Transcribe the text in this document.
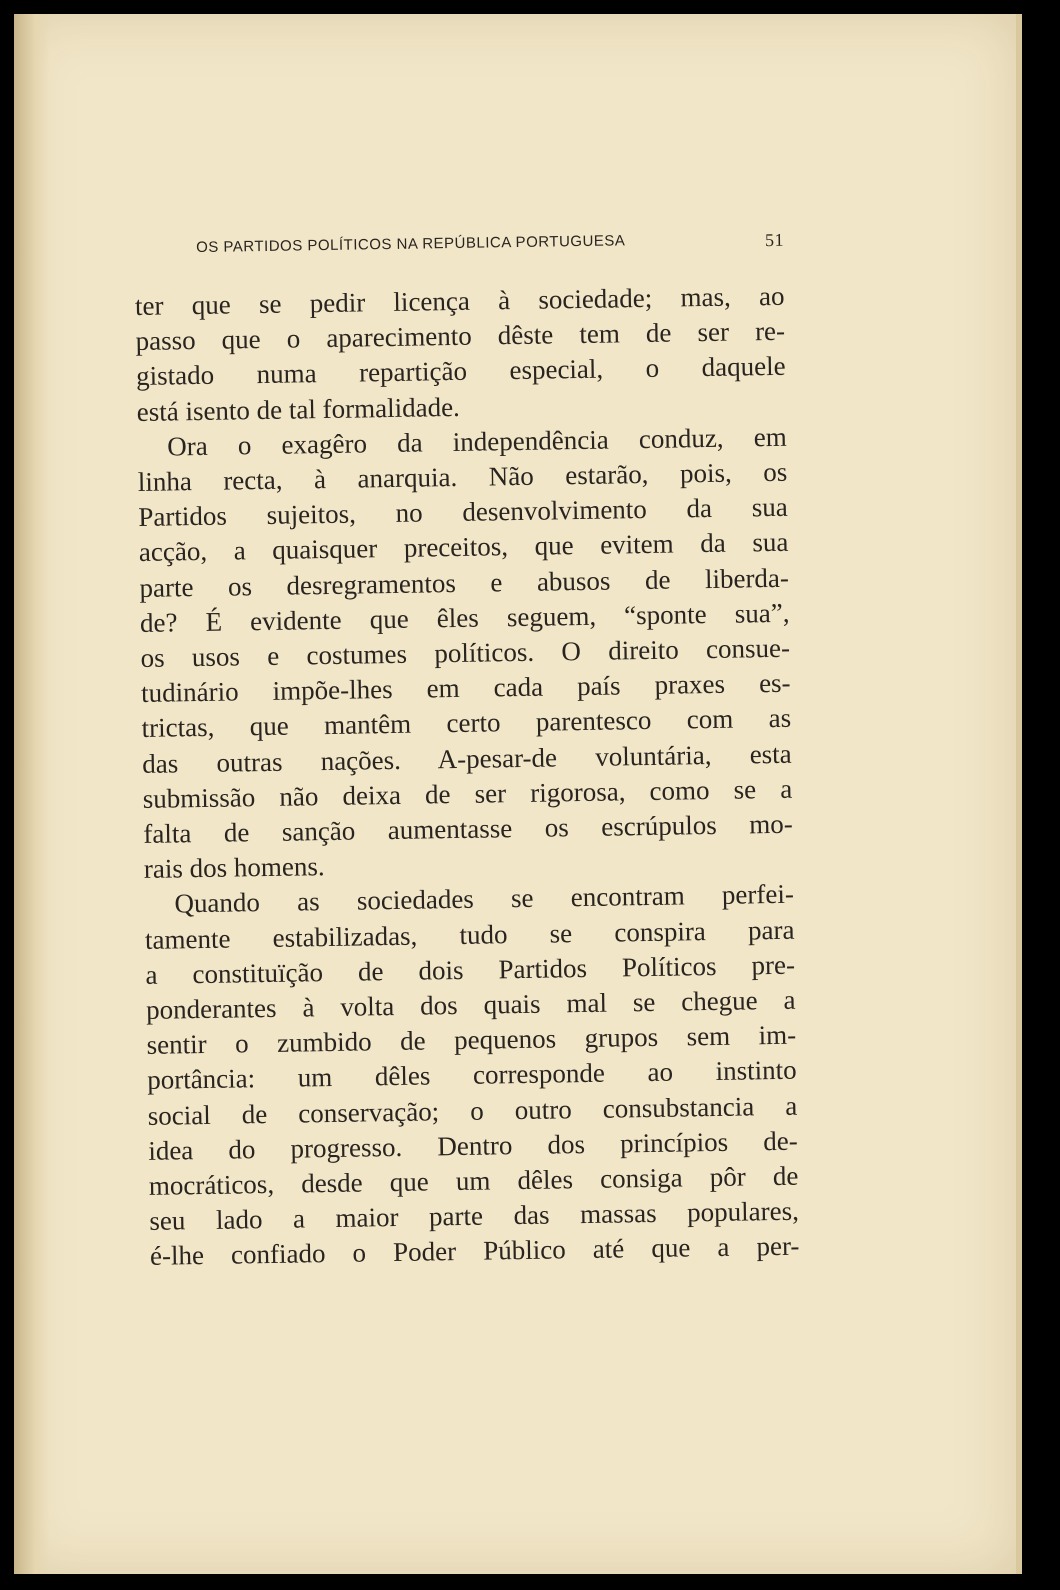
OS PARTIDOS POLÍTICOS NA REPÚBLICA PORTUGUESA	51
ter que se pedir licença à sociedade; mas, ao
passo que o aparecimento dêste tem de ser re-
gistado numa repartição especial, o daquele
está isento de tal formalidade.
Ora o exagêro da independência conduz, em
linha recta, à anarquia. Não estarão, pois, os
Partidos sujeitos, no desenvolvimento da sua
acção, a quaisquer preceitos, que evitem da sua
parte os desregramentos e abusos de liberda-
de? É evidente que êles seguem, “sponte sua”,
os usos e costumes políticos. O direito consue-
tudinário impõe-lhes em cada país praxes es-
trictas, que mantêm certo parentesco com as
das outras nações. A-pesar-de voluntária, esta
submissão não deixa de ser rigorosa, como se a
falta de sanção aumentasse os escrúpulos mo-
rais dos homens.
Quando as sociedades se encontram perfei-
tamente estabilizadas, tudo se conspira para
a constituïção de dois Partidos Políticos pre-
ponderantes à volta dos quais mal se chegue a
sentir o zumbido de pequenos grupos sem im-
portância: um dêles corresponde ao instinto
social de conservação; o outro consubstancia a
idea do progresso. Dentro dos princípios de-
mocráticos, desde que um dêles consiga pôr de
seu lado a maior parte das massas populares,
é-lhe confiado o Poder Público até que a per-
